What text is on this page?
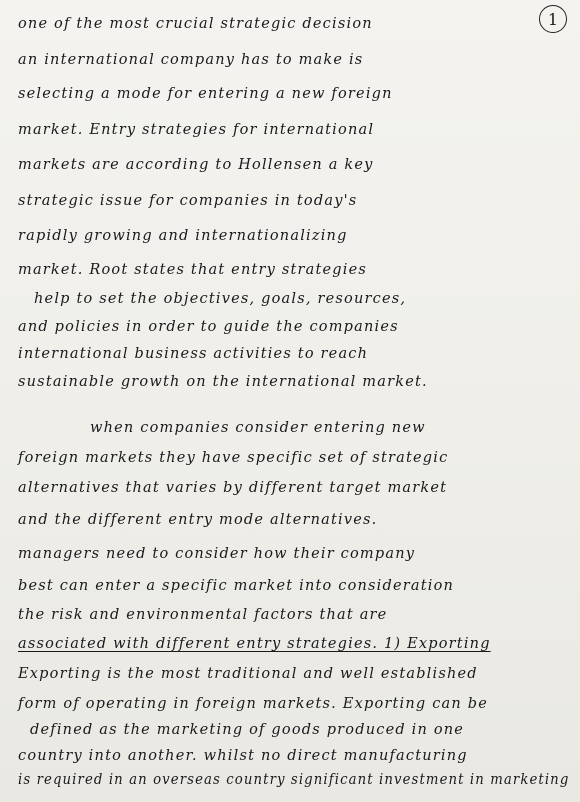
1

one of the most crucial strategic decision

an international company has to make is

selecting a mode for entering a new foreign

market. Entry strategies for international

markets are according to Hollensen a key

strategic issue for companies in today's

rapidly growing and internationalizing

market. Root states that entry strategies

help to set the objectives, goals, resources,

and policies in order to guide the companies

international business activities to reach

sustainable growth on the international market.

when companies consider entering new

foreign markets they have specific set of strategic

alternatives that varies by different target market

and the different entry mode alternatives.

managers need to consider how their company

best can enter a specific market into consideration

the risk and environmental factors that are

associated with different entry strategies. 1) Exporting

Exporting is the most traditional and well established

form of operating in foreign markets. Exporting can be

defined as the marketing of goods produced in one

country into another. whilst no direct manufacturing

is required in an overseas country significant investment in marketing
